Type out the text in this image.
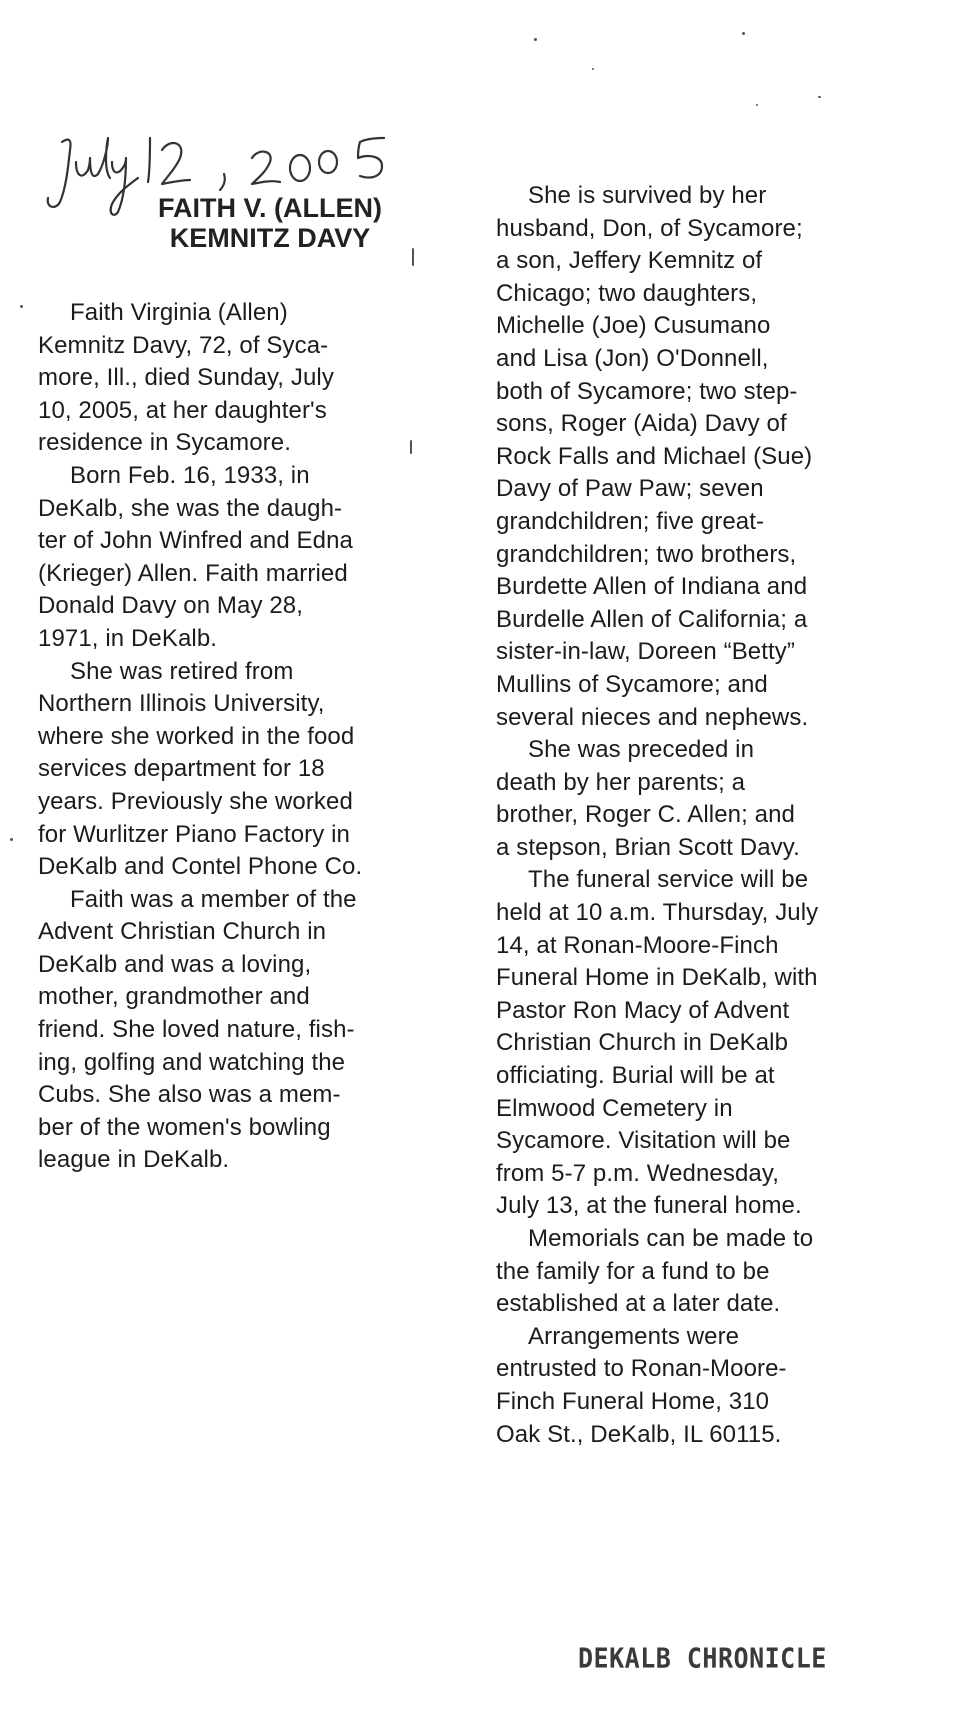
FAITH V. (ALLEN)
KEMNITZ DAVY
Faith Virginia (Allen)
Kemnitz Davy, 72, of Syca-
more, Ill., died Sunday, July
10, 2005, at her daughter's
residence in Sycamore.
Born Feb. 16, 1933, in
DeKalb, she was the daugh-
ter of John Winfred and Edna
(Krieger) Allen. Faith married
Donald Davy on May 28,
1971, in DeKalb.
She was retired from
Northern Illinois University,
where she worked in the food
services department for 18
years. Previously she worked
for Wurlitzer Piano Factory in
DeKalb and Contel Phone Co.
Faith was a member of the
Advent Christian Church in
DeKalb and was a loving,
mother, grandmother and
friend. She loved nature, fish-
ing, golfing and watching the
Cubs. She also was a mem-
ber of the women's bowling
league in DeKalb.
She is survived by her
husband, Don, of Sycamore;
a son, Jeffery Kemnitz of
Chicago; two daughters,
Michelle (Joe) Cusumano
and Lisa (Jon) O'Donnell,
both of Sycamore; two step-
sons, Roger (Aida) Davy of
Rock Falls and Michael (Sue)
Davy of Paw Paw; seven
grandchildren; five great-
grandchildren; two brothers,
Burdette Allen of Indiana and
Burdelle Allen of California; a
sister-in-law, Doreen “Betty”
Mullins of Sycamore; and
several nieces and nephews.
She was preceded in
death by her parents; a
brother, Roger C. Allen; and
a stepson, Brian Scott Davy.
The funeral service will be
held at 10 a.m. Thursday, July
14, at Ronan-Moore-Finch
Funeral Home in DeKalb, with
Pastor Ron Macy of Advent
Christian Church in DeKalb
officiating. Burial will be at
Elmwood Cemetery in
Sycamore. Visitation will be
from 5-7 p.m. Wednesday,
July 13, at the funeral home.
Memorials can be made to
the family for a fund to be
established at a later date.
Arrangements were
entrusted to Ronan-Moore-
Finch Funeral Home, 310
Oak St., DeKalb, IL 60115.
DEKALB CHRONICLE
